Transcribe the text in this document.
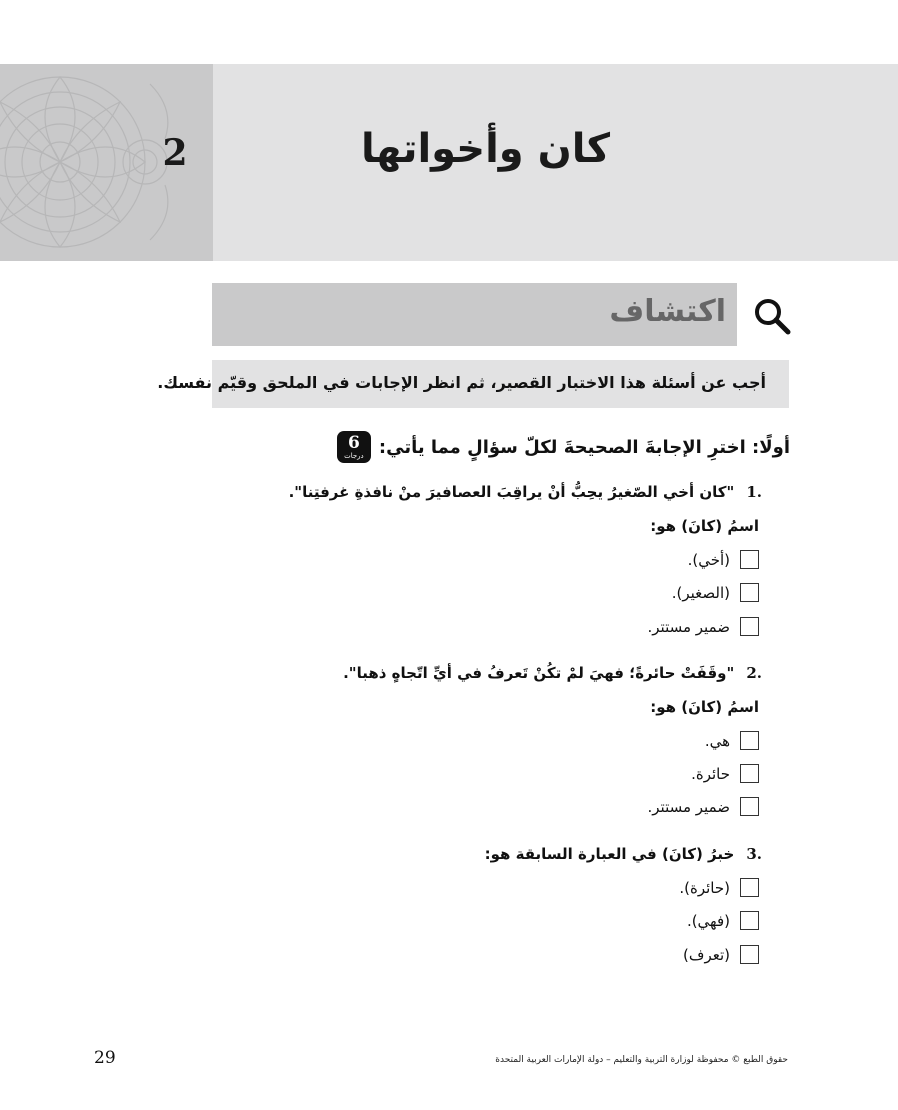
2	كان وأخواتها
اكتشاف
أجب عن أسئلة هذا الاختبار القصير، ثم انظر الإجابات في الملحق وقيّم نفسك.
أولًا: اخترِ الإجابةَ الصحيحةَ لكلّ سؤالٍ مما يأتي:
6
درجات
.1
"كان أخي الصّغيرُ يحِبُّ أنْ يراقِبَ العصافيرَ منْ نافذةِ غرفتِنا".
اسمُ (كانَ) هو:
(أخي).
(الصغير).
ضمير مستتر.
.2
"وقَفَتْ حائرةً؛ فهيَ لمْ تكُنْ تَعرفُ في أيِّ اتّجاهٍ ذهبا".
اسمُ (كانَ) هو:
هي.
حائرة.
ضمير مستتر.
.3
خبرُ (كانَ) في العبارة السابقة هو:
(حائرة).
(فهي).
(تعرف)
29	حقوق الطبع © محفوظة لوزارة التربية والتعليم – دولة الإمارات العربية المتحدة
